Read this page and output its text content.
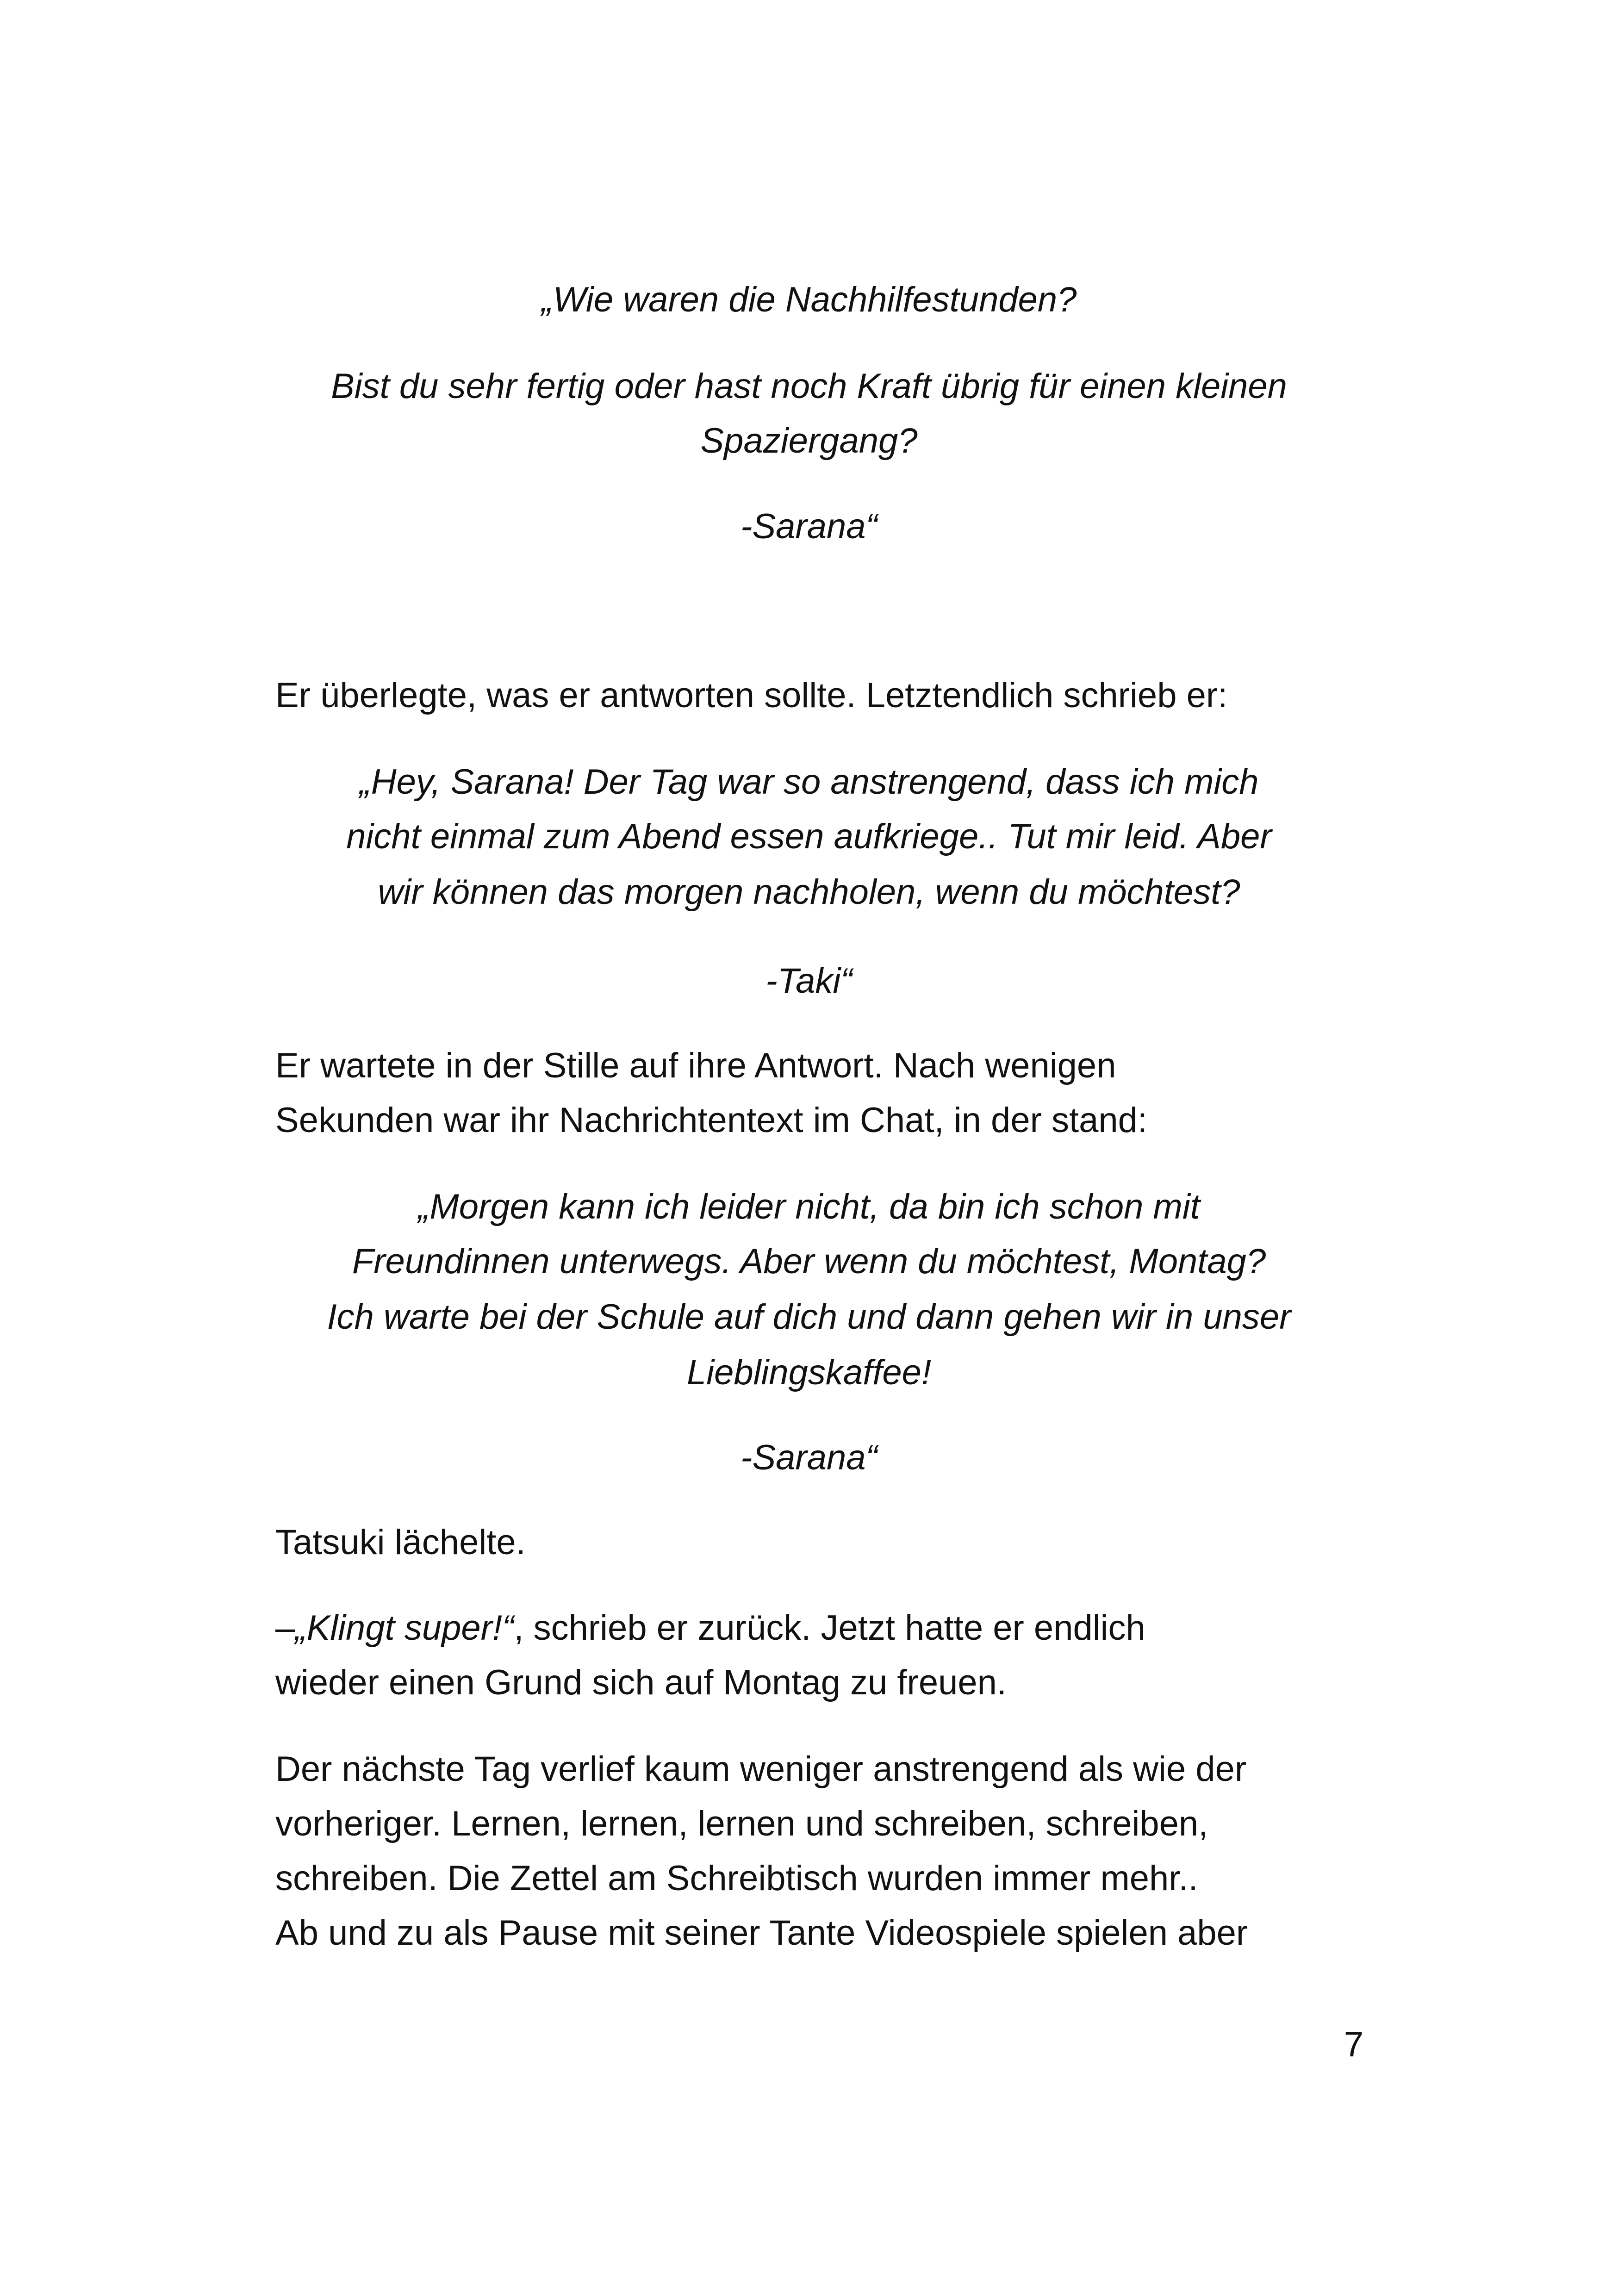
„Wie waren die Nachhilfestunden?

Bist du sehr fertig oder hast noch Kraft übrig für einen kleinen

Spaziergang?

-Sarana“

Er überlegte, was er antworten sollte. Letztendlich schrieb er:

„Hey, Sarana! Der Tag war so anstrengend, dass ich mich

nicht einmal zum Abend essen aufkriege.. Tut mir leid. Aber

wir können das morgen nachholen, wenn du möchtest?

-Taki“

Er wartete in der Stille auf ihre Antwort. Nach wenigen

Sekunden war ihr Nachrichtentext im Chat, in der stand:

„Morgen kann ich leider nicht, da bin ich schon mit

Freundinnen unterwegs. Aber wenn du möchtest, Montag?

Ich warte bei der Schule auf dich und dann gehen wir in unser

Lieblingskaffee!

-Sarana“

Tatsuki lächelte.

–„Klingt super!“, schrieb er zurück. Jetzt hatte er endlich

wieder einen Grund sich auf Montag zu freuen.

Der nächste Tag verlief kaum weniger anstrengend als wie der

vorheriger. Lernen, lernen, lernen und schreiben, schreiben,

schreiben. Die Zettel am Schreibtisch wurden immer mehr..

Ab und zu als Pause mit seiner Tante Videospiele spielen aber

7
